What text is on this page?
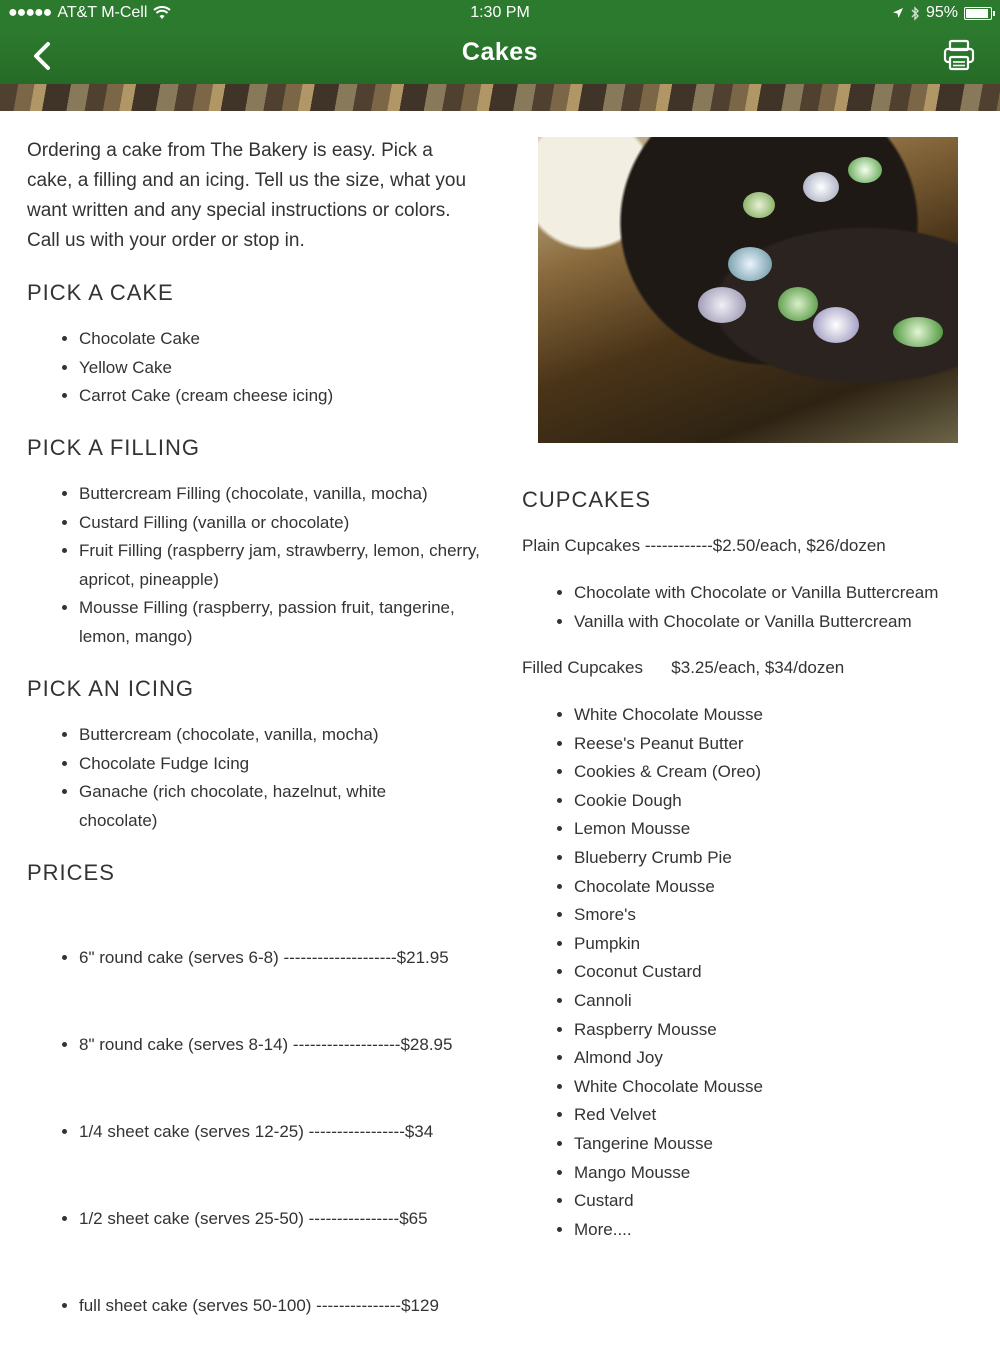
●●●●● AT&T M-Cell	1:30 PM	95%
Cakes

Ordering a cake from The Bakery is easy. Pick a cake, a filling and an icing. Tell us the size, what you want written and any special instructions or colors. Call us with your order or stop in.

PICK A CAKE
• Chocolate Cake
• Yellow Cake
• Carrot Cake (cream cheese icing)
PICK A FILLING
• Buttercream Filling (chocolate, vanilla, mocha)
• Custard Filling (vanilla or chocolate)
• Fruit Filling (raspberry jam, strawberry, lemon, cherry, apricot, pineapple)
• Mousse Filling (raspberry, passion fruit, tangerine, lemon, mango)
PICK AN ICING
• Buttercream (chocolate, vanilla, mocha)
• Chocolate Fudge Icing
• Ganache (rich chocolate, hazelnut, white chocolate)
PRICES

• 6" round cake (serves 6-8) --------------------$21.95

• 8" round cake (serves 8-14) -------------------$28.95

• 1/4 sheet cake (serves 12-25) -----------------$34

• 1/2 sheet cake (serves 25-50) ----------------$65

• full sheet cake (serves 50-100) ---------------$129

CUPCAKES

Plain Cupcakes ------------$2.50/each, $26/dozen

• Chocolate with Chocolate or Vanilla Buttercream
• Vanilla with Chocolate or Vanilla Buttercream

Filled Cupcakes      $3.25/each, $34/dozen

• White Chocolate Mousse
• Reese's Peanut Butter
• Cookies & Cream (Oreo)
• Cookie Dough
• Lemon Mousse
• Blueberry Crumb Pie
• Chocolate Mousse
• Smore's
• Pumpkin
• Coconut Custard
• Cannoli
• Raspberry Mousse
• Almond Joy
• White Chocolate Mousse
• Red Velvet
• Tangerine Mousse
• Mango Mousse
• Custard
• More....
